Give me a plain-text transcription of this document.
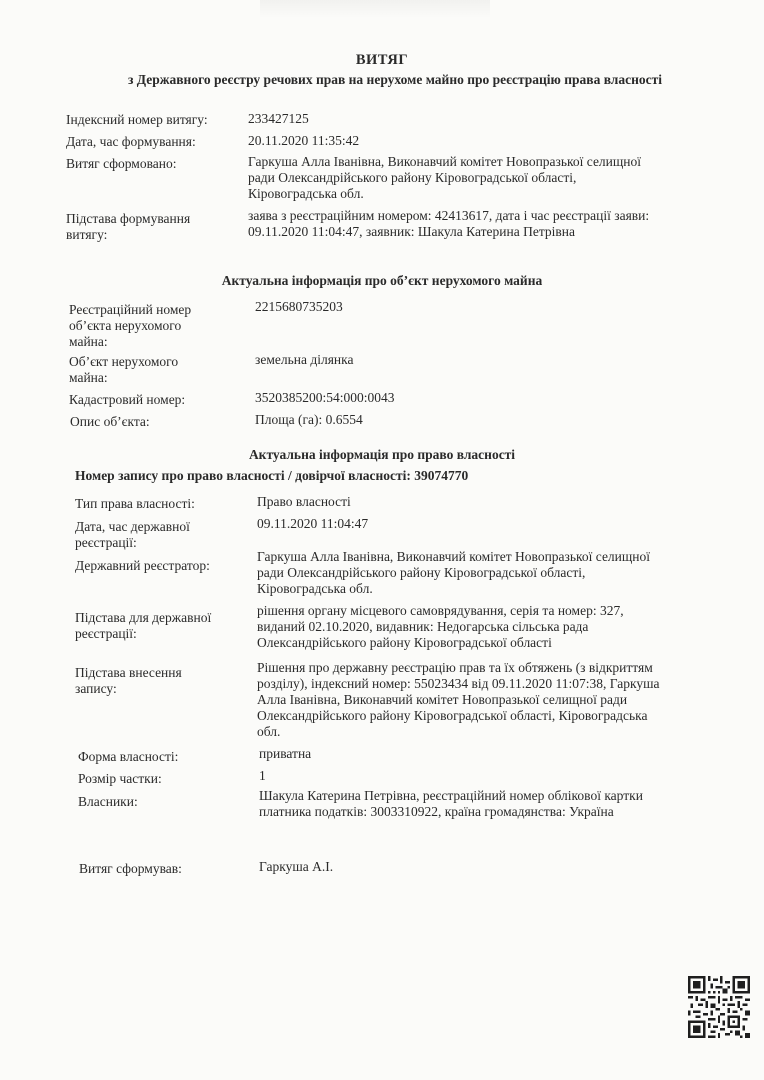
ВИТЯГ
з Державного реєстру речових прав на нерухоме майно про реєстрацію права власності
Індексний номер витягу:	233427125
Дата, час формування:	20.11.2020 11:35:42
Витяг сформовано:	Гаркуша Алла Іванівна, Виконавчий комітет Новопразької селищної
ради Олександрійського району Кіровоградської області,
Кіровоградська обл.
Підстава формування
витягу:
заява з реєстраційним номером: 42413617, дата і час реєстрації заяви:
09.11.2020 11:04:47, заявник: Шакула Катерина Петрівна
Актуальна інформація про об’єкт нерухомого майна
Реєстраційний номер
об’єкта нерухомого
майна:
2215680735203
Об’єкт нерухомого
майна:
земельна ділянка
Кадастровий номер:	3520385200:54:000:0043
Опис об’єкта:	Площа (га): 0.6554
Актуальна інформація про право власності
Номер запису про право власності / довірчої власності: 39074770
Тип права власності:	Право власності
Дата, час державної
реєстрації:
09.11.2020 11:04:47
Державний реєстратор:
Гаркуша Алла Іванівна, Виконавчий комітет Новопразької селищної
ради Олександрійського району Кіровоградської області,
Кіровоградська обл.
Підстава для державної
реєстрації:
рішення органу місцевого самоврядування, серія та номер: 327,
виданий 02.10.2020, видавник: Недогарська сільська рада
Олександрійського району Кіровоградської області
Підстава внесення
запису:
Рішення про державну реєстрацію прав та їх обтяжень (з відкриттям
розділу), індексний номер: 55023434 від 09.11.2020 11:07:38, Гаркуша
Алла Іванівна, Виконавчий комітет Новопразької селищної ради
Олександрійського району Кіровоградської області, Кіровоградська
обл.
Форма власності:	приватна
Розмір частки:	1
Власники:	Шакула Катерина Петрівна, реєстраційний номер облікової картки
платника податків: 3003310922, країна громадянства: Україна
Витяг сформував:	Гаркуша А.І.
